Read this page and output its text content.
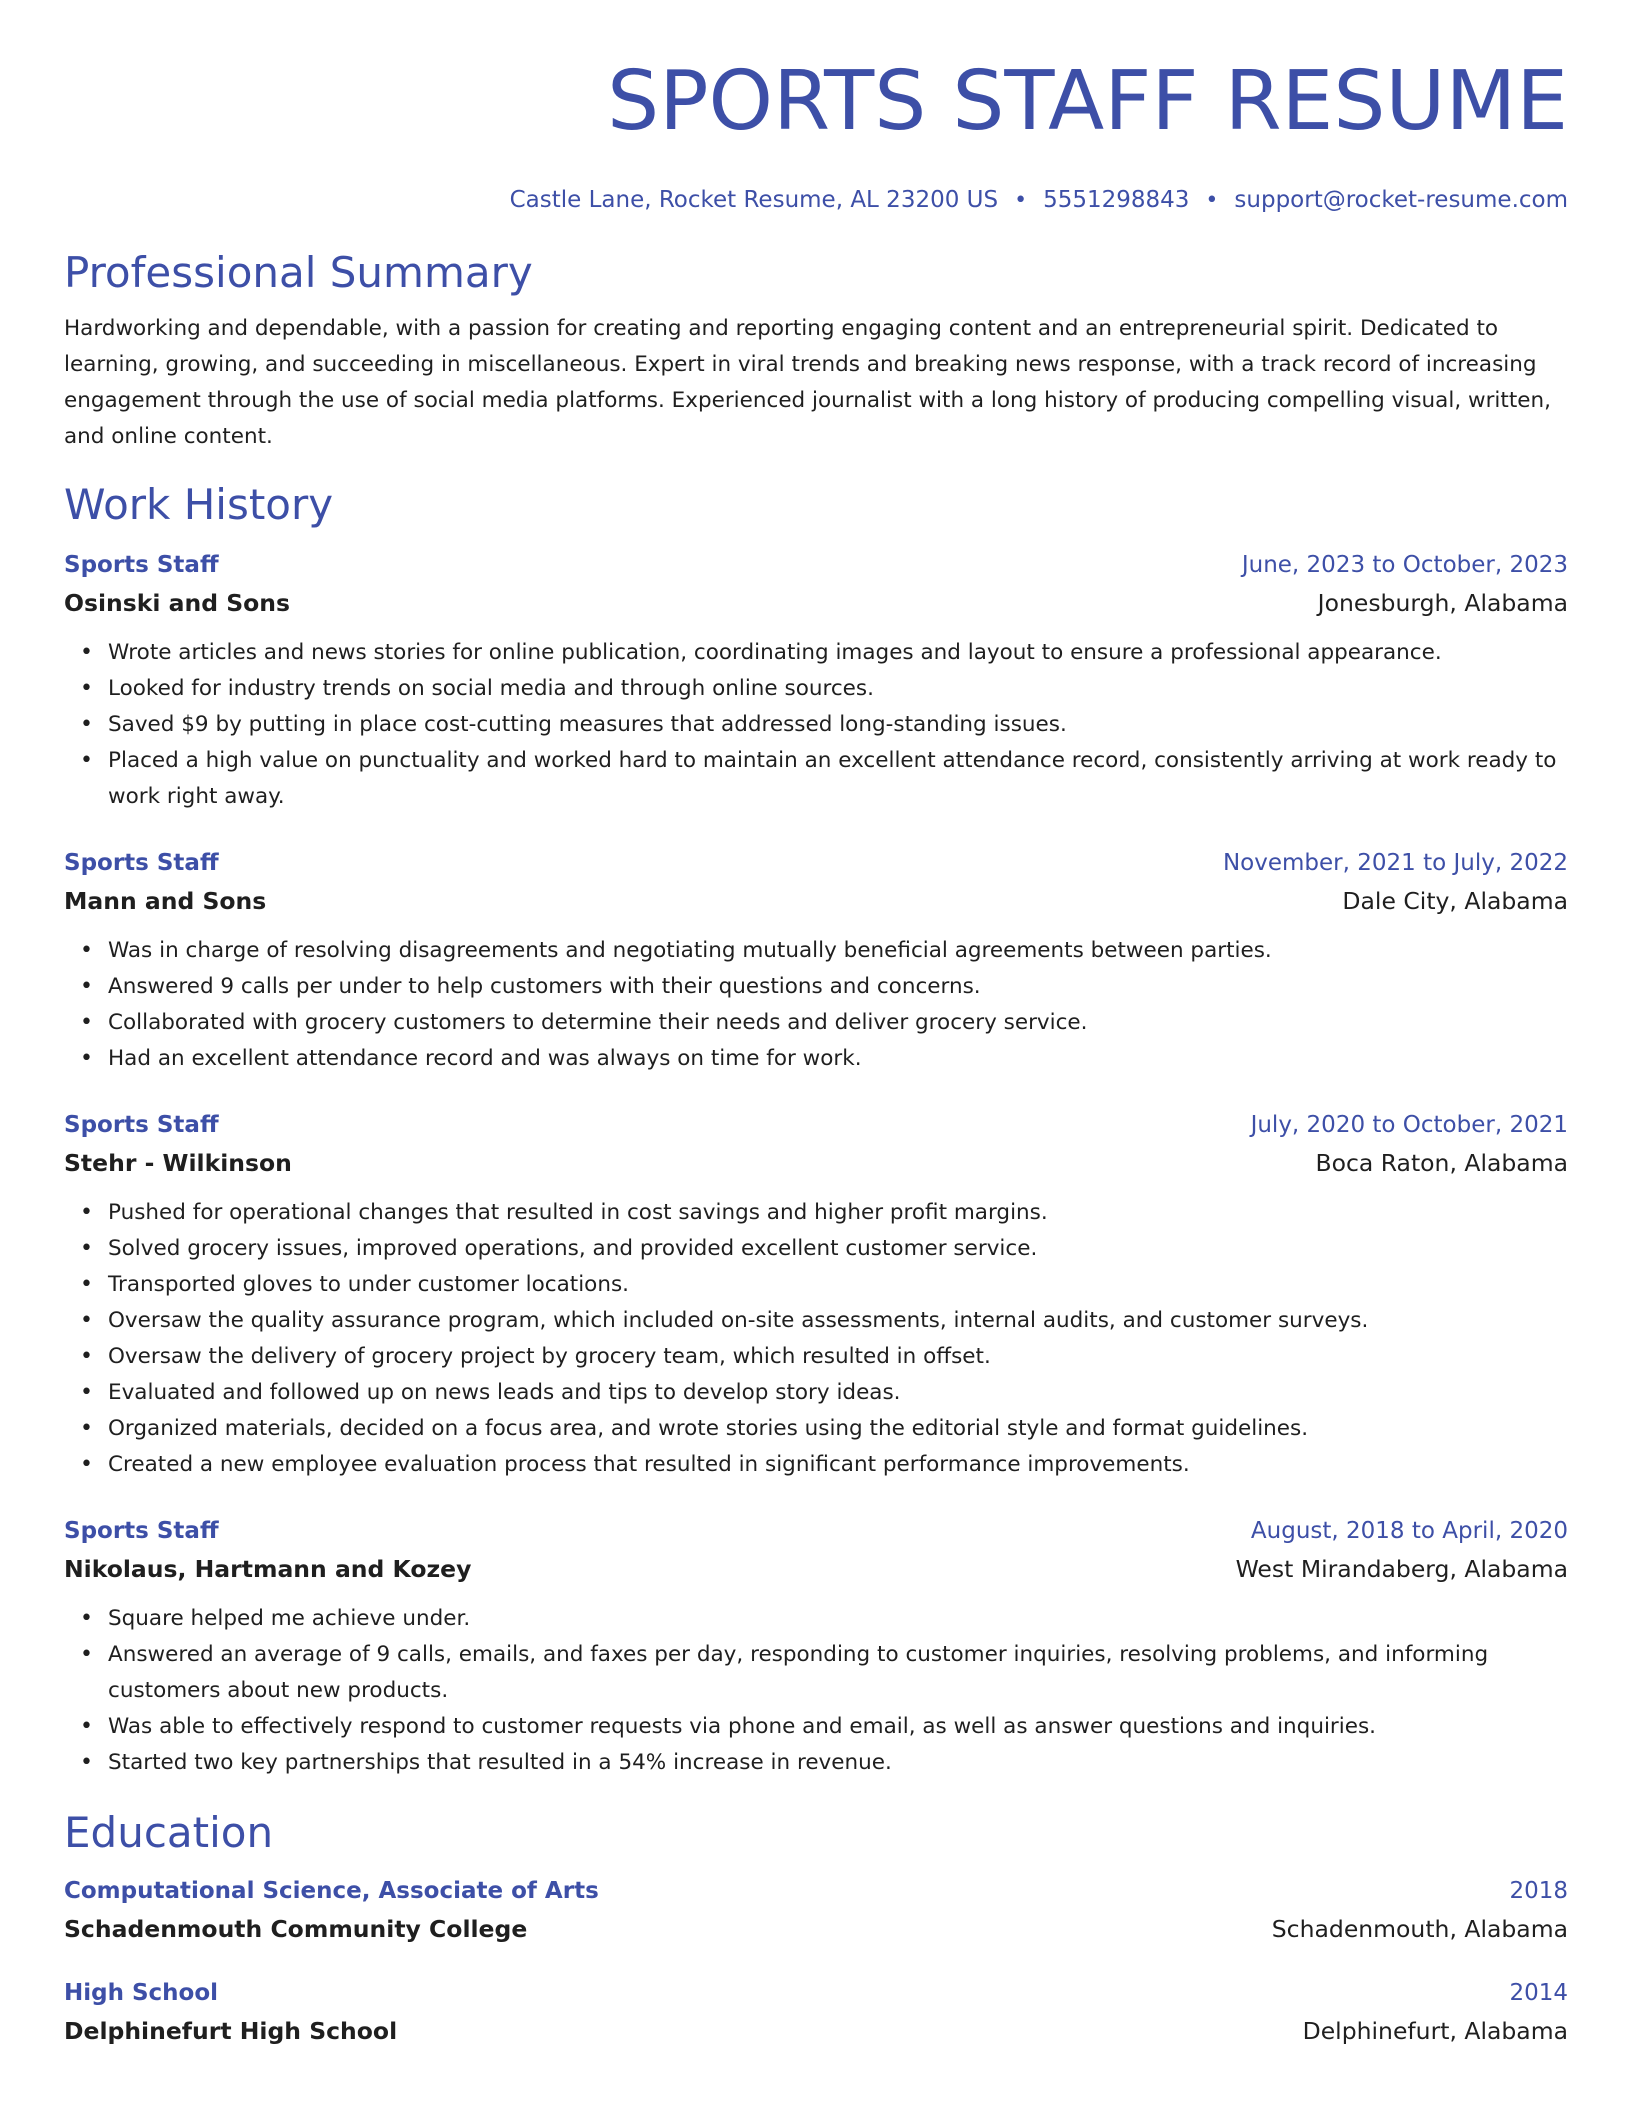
SPORTS STAFF RESUME
Castle Lane, Rocket Resume, AL 23200 US • 5551298843 • support@rocket-resume.com
Professional Summary

Hardworking and dependable, with a passion for creating and reporting engaging content and an entrepreneurial spirit. Dedicated to learning, growing, and succeeding in miscellaneous. Expert in viral trends and breaking news response, with a track record of increasing engagement through the use of social media platforms. Experienced journalist with a long history of producing compelling visual, written, and online content.

Work History
Sports Staff	June, 2023 to October, 2023
Osinski and Sons	Jonesburgh, Alabama
• Wrote articles and news stories for online publication, coordinating images and layout to ensure a professional appearance.
• Looked for industry trends on social media and through online sources.
• Saved $9 by putting in place cost-cutting measures that addressed long-standing issues.
• Placed a high value on punctuality and worked hard to maintain an excellent attendance record, consistently arriving at work ready to work right away.
Sports Staff	November, 2021 to July, 2022
Mann and Sons	Dale City, Alabama
• Was in charge of resolving disagreements and negotiating mutually beneficial agreements between parties.
• Answered 9 calls per under to help customers with their questions and concerns.
• Collaborated with grocery customers to determine their needs and deliver grocery service.
• Had an excellent attendance record and was always on time for work.
Sports Staff	July, 2020 to October, 2021
Stehr - Wilkinson	Boca Raton, Alabama
• Pushed for operational changes that resulted in cost savings and higher profit margins.
• Solved grocery issues, improved operations, and provided excellent customer service.
• Transported gloves to under customer locations.
• Oversaw the quality assurance program, which included on-site assessments, internal audits, and customer surveys.
• Oversaw the delivery of grocery project by grocery team, which resulted in offset.
• Evaluated and followed up on news leads and tips to develop story ideas.
• Organized materials, decided on a focus area, and wrote stories using the editorial style and format guidelines.
• Created a new employee evaluation process that resulted in significant performance improvements.
Sports Staff	August, 2018 to April, 2020
Nikolaus, Hartmann and Kozey	West Mirandaberg, Alabama
• Square helped me achieve under.
• Answered an average of 9 calls, emails, and faxes per day, responding to customer inquiries, resolving problems, and informing customers about new products.
• Was able to effectively respond to customer requests via phone and email, as well as answer questions and inquiries.
• Started two key partnerships that resulted in a 54% increase in revenue.
Education
Computational Science, Associate of Arts	2018
Schadenmouth Community College	Schadenmouth, Alabama
High School	2014
Delphinefurt High School	Delphinefurt, Alabama
